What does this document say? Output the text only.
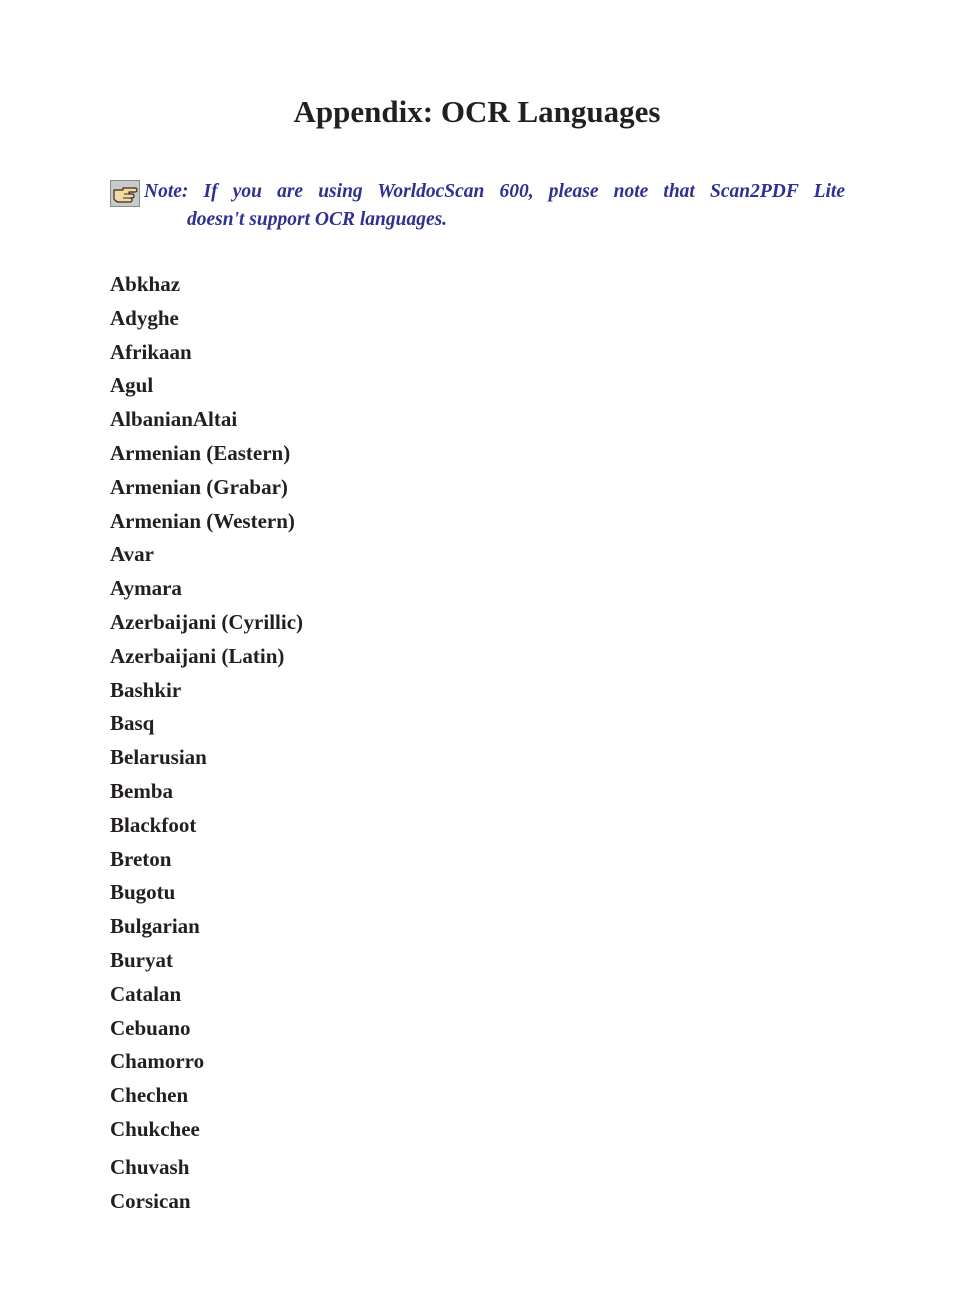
Appendix: OCR Languages
Note: If you are using WorldocScan 600, please note that Scan2PDF Lite
doesn't support OCR languages.
Abkhaz
Adyghe
Afrikaan
Agul
AlbanianAltai
Armenian (Eastern)
Armenian (Grabar)
Armenian (Western)
Avar
Aymara
Azerbaijani (Cyrillic)
Azerbaijani (Latin)
Bashkir
Basq
Belarusian
Bemba
Blackfoot
Breton
Bugotu
Bulgarian
Buryat
Catalan
Cebuano
Chamorro
Chechen
Chukchee
Chuvash
Corsican
